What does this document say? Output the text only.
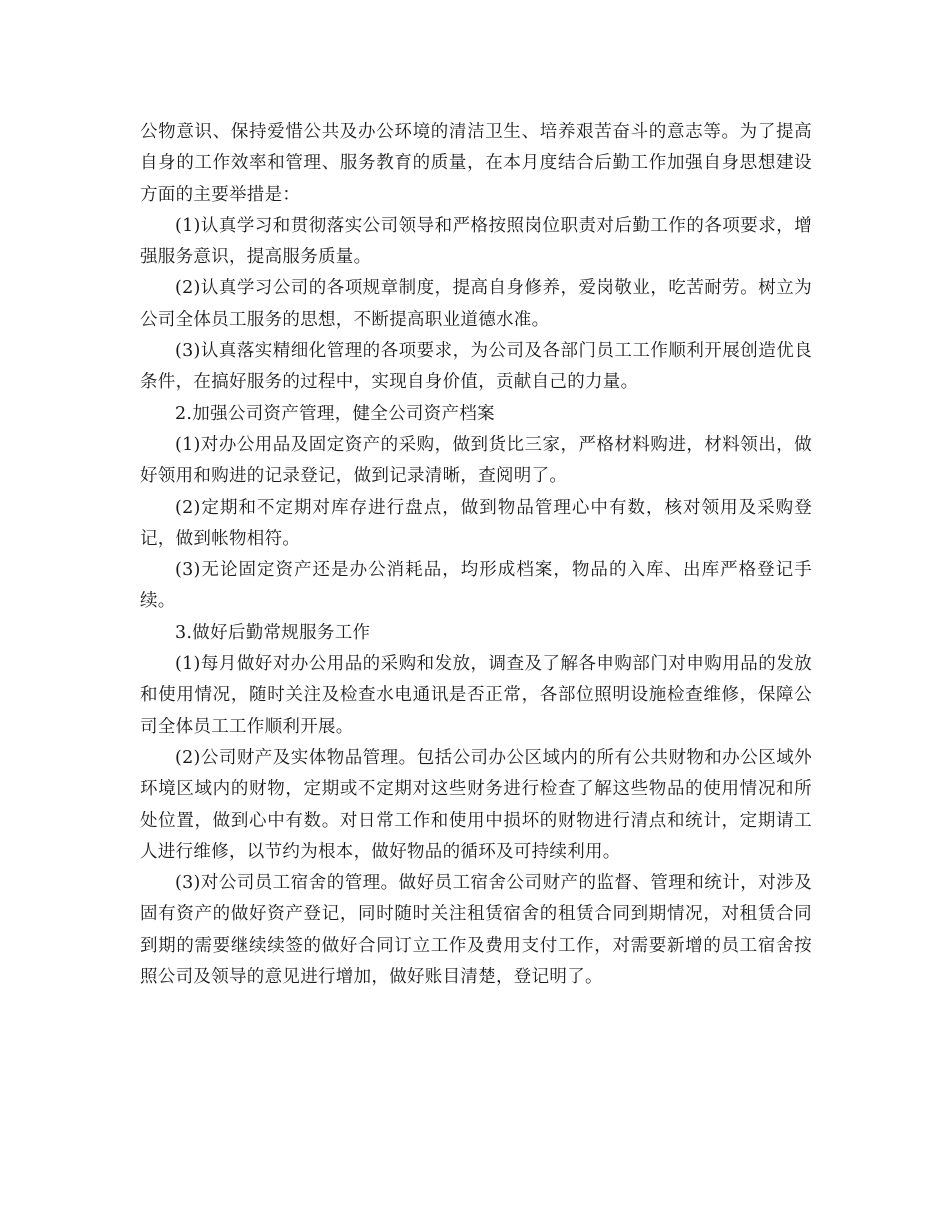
公物意识、保持爱惜公共及办公环境的清洁卫生、培养艰苦奋斗的意志等。为了提高自身的工作效率和管理、服务教育的质量，在本月度结合后勤工作加强自身思想建设方面的主要举措是：

(1)认真学习和贯彻落实公司领导和严格按照岗位职责对后勤工作的各项要求，增强服务意识，提高服务质量。

(2)认真学习公司的各项规章制度，提高自身修养，爱岗敬业，吃苦耐劳。树立为公司全体员工服务的思想，不断提高职业道德水准。

(3)认真落实精细化管理的各项要求，为公司及各部门员工工作顺利开展创造优良条件，在搞好服务的过程中，实现自身价值，贡献自己的力量。

2.加强公司资产管理，健全公司资产档案

(1)对办公用品及固定资产的采购，做到货比三家，严格材料购进，材料领出，做好领用和购进的记录登记，做到记录清晰，查阅明了。

(2)定期和不定期对库存进行盘点，做到物品管理心中有数，核对领用及采购登记，做到帐物相符。

(3)无论固定资产还是办公消耗品，均形成档案，物品的入库、出库严格登记手续。

3.做好后勤常规服务工作

(1)每月做好对办公用品的采购和发放，调查及了解各申购部门对申购用品的发放和使用情况，随时关注及检查水电通讯是否正常，各部位照明设施检查维修，保障公司全体员工工作顺利开展。

(2)公司财产及实体物品管理。包括公司办公区域内的所有公共财物和办公区域外环境区域内的财物，定期或不定期对这些财务进行检查了解这些物品的使用情况和所处位置，做到心中有数。对日常工作和使用中损坏的财物进行清点和统计，定期请工人进行维修，以节约为根本，做好物品的循环及可持续利用。

(3)对公司员工宿舍的管理。做好员工宿舍公司财产的监督、管理和统计，对涉及固有资产的做好资产登记，同时随时关注租赁宿舍的租赁合同到期情况，对租赁合同到期的需要继续续签的做好合同订立工作及费用支付工作，对需要新增的员工宿舍按照公司及领导的意见进行增加，做好账目清楚，登记明了。
